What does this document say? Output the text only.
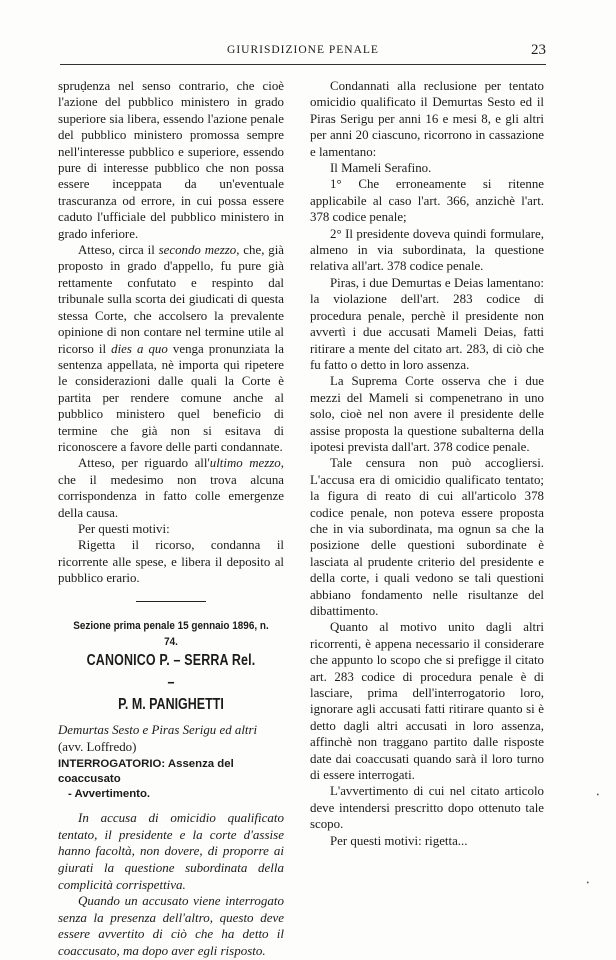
GIURISDIZIONE PENALE	23

spruḍenza nel senso contrario, che cioè l'azione del pubblico ministero in grado superiore sia libera, essendo l'azione penale del pubblico ministero promossa sempre nell'interesse pubblico e superiore, essendo pure di interesse pubblico che non possa essere inceppata da un'eventuale trascuranza od errore, in cui possa essere caduto l'ufficiale del pubblico ministero in grado inferiore.

Atteso, circa il secondo mezzo, che, già proposto in grado d'appello, fu pure già rettamente confutato e respinto dal tribunale sulla scorta dei giudicati di questa stessa Corte, che accolsero la prevalente opinione di non contare nel termine utile al ricorso il dies a quo venga pronunziata la sentenza appellata, nè importa qui ripetere le considerazioni dalle quali la Corte è partita per rendere comune anche al pubblico ministero quel beneficio di termine che già non si esitava di riconoscere a favore delle parti condannate.

Atteso, per riguardo all'ultimo mezzo, che il medesimo non trova alcuna corrispondenza in fatto colle emergenze della causa.

Per questi motivi:

Rigetta il ricorso, condanna il ricorrente alle spese, e libera il deposito al pubblico erario.

Sezione prima penale 15 gennaio 1896, n. 74.
CANONICO P. – SERRA Rel. –
P. M. PANIGHETTI

Demurtas Sesto e Piras Serigu ed altri
(avv. Loffredo)

INTERROGATORIO: Assenza del coaccusato
- Avvertimento.

In accusa di omicidio qualificato tentato, il presidente e la corte d'assise hanno facoltà, non dovere, di proporre ai giurati la questione subordinata della complicità corrispettiva.

Quando un accusato viene interrogato senza la presenza dell'altro, questo deve essere avvertito di ciò che ha detto il coaccusato, ma dopo aver egli risposto.

Condannati alla reclusione per tentato omicidio qualificato il Demurtas Sesto ed il Piras Serigu per anni 16 e mesi 8, e gli altri per anni 20 ciascuno, ricorrono in cassazione e lamentano:

Il Mameli Serafino.

1° Che erroneamente si ritenne applicabile al caso l'art. 366, anzichè l'art. 378 codice penale;

2° Il presidente doveva quindi formulare, almeno in via subordinata, la questione relativa all'art. 378 codice penale.

Piras, i due Demurtas e Deias lamentano: la violazione dell'art. 283 codice di procedura penale, perchè il presidente non avvertì i due accusati Mameli Deias, fatti ritirare a mente del citato art. 283, di ciò che fu fatto o detto in loro assenza.

La Suprema Corte osserva che i due mezzi del Mameli si compenetrano in uno solo, cioè nel non avere il presidente delle assise proposta la questione subalterna della ipotesi prevista dall'art. 378 codice penale.

Tale censura non può accogliersi. L'accusa era di omicidio qualificato tentato; la figura di reato di cui all'articolo 378 codice penale, non poteva essere proposta che in via subordinata, ma ognun sa che la posizione delle questioni subordinate è lasciata al prudente criterio del presidente e della corte, i quali vedono se tali questioni abbiano fondamento nelle risultanze del dibattimento.

Quanto al motivo unito dagli altri ricorrenti, è appena necessario il considerare che appunto lo scopo che si prefigge il citato art. 283 codice di procedura penale è di lasciare, prima dell'interrogatorio loro, ignorare agli accusati fatti ritirare quanto si è detto dagli altri accusati in loro assenza, affinchè non traggano partito dalle risposte date dai coaccusati quando sarà il loro turno di essere interrogati.

L'avvertimento di cui nel citato articolo deve intendersi prescritto dopo ottenuto tale scopo.

Per questi motivi: rigetta...

•
•
